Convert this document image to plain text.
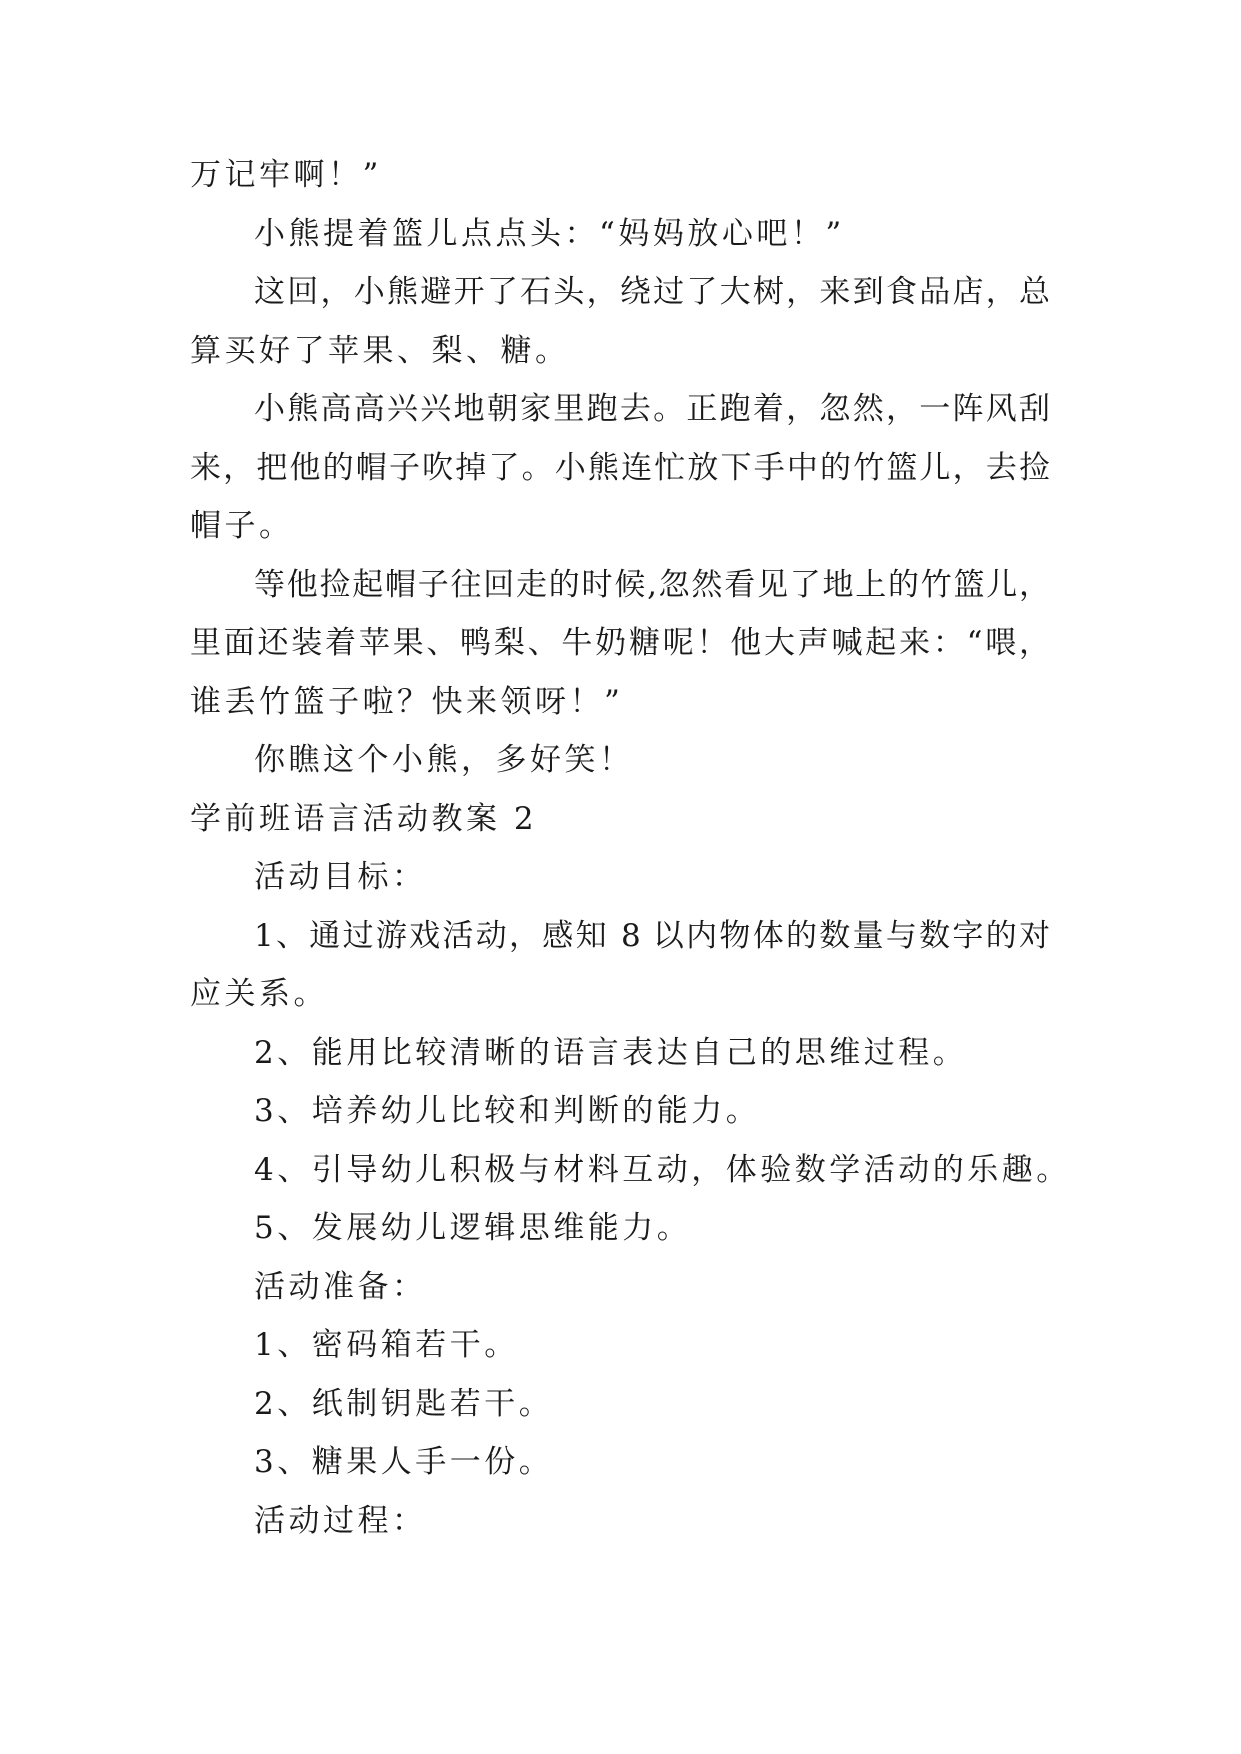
万记牢啊！”
小熊提着篮儿点点头：“妈妈放心吧！”
这回，小熊避开了石头，绕过了大树，来到食品店，总
算买好了苹果、梨、糖。
小熊高高兴兴地朝家里跑去。正跑着，忽然，一阵风刮
来，把他的帽子吹掉了。小熊连忙放下手中的竹篮儿，去捡
帽子。
等他捡起帽子往回走的时候,忽然看见了地上的竹篮儿，
里面还装着苹果、鸭梨、牛奶糖呢！他大声喊起来：“喂，
谁丢竹篮子啦？快来领呀！”
你瞧这个小熊，多好笑！
学前班语言活动教案 2
活动目标：
1、通过游戏活动，感知 8 以内物体的数量与数字的对
应关系。
2、能用比较清晰的语言表达自己的思维过程。
3、培养幼儿比较和判断的能力。
4、引导幼儿积极与材料互动，体验数学活动的乐趣。
5、发展幼儿逻辑思维能力。
活动准备：
1、密码箱若干。
2、纸制钥匙若干。
3、糖果人手一份。
活动过程：
